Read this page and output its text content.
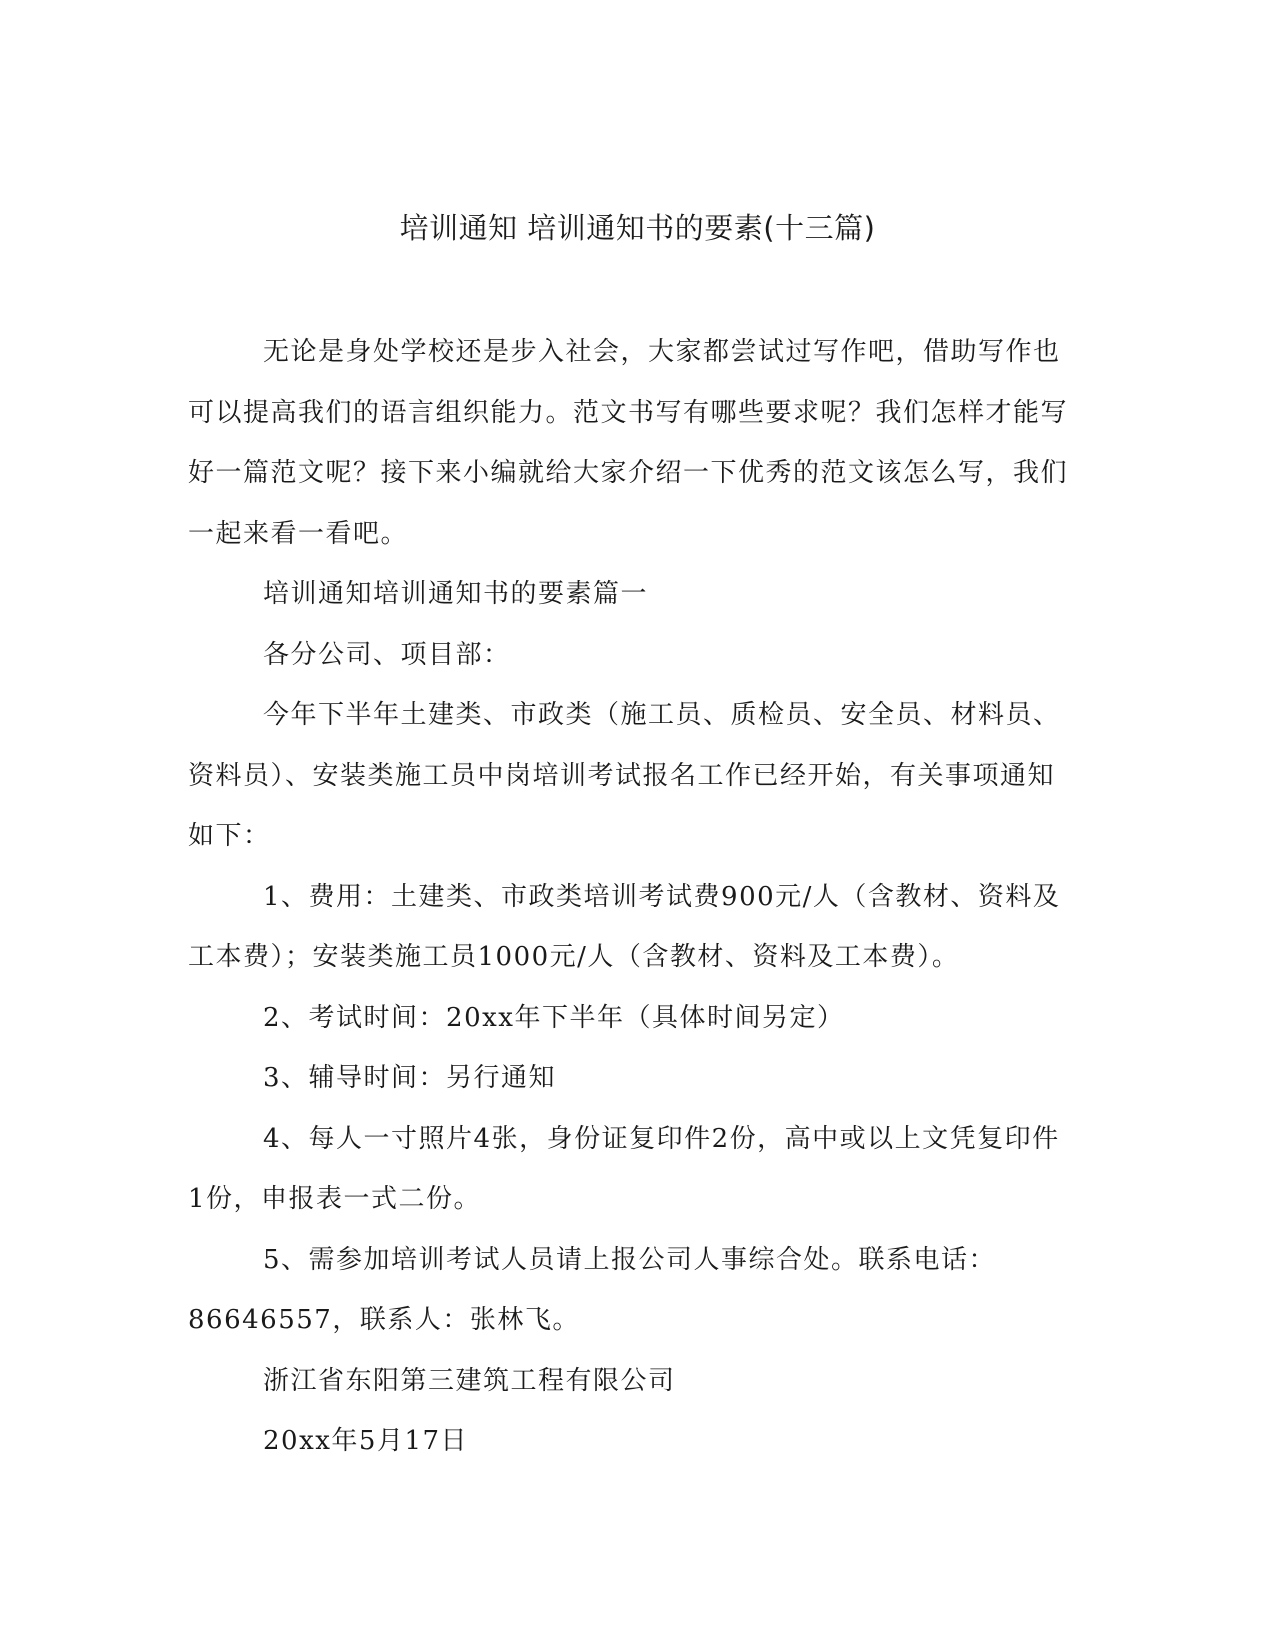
培训通知 培训通知书的要素(十三篇)

无论是身处学校还是步入社会，大家都尝试过写作吧，借助写作也可以提高我们的语言组织能力。范文书写有哪些要求呢？我们怎样才能写好一篇范文呢？接下来小编就给大家介绍一下优秀的范文该怎么写，我们一起来看一看吧。

培训通知培训通知书的要素篇一

各分公司、项目部：

今年下半年土建类、市政类（施工员、质检员、安全员、材料员、资料员）、安装类施工员中岗培训考试报名工作已经开始，有关事项通知如下：

1、费用：土建类、市政类培训考试费900元/人（含教材、资料及工本费）；安装类施工员1000元/人（含教材、资料及工本费）。

2、考试时间：20xx年下半年（具体时间另定）

3、辅导时间：另行通知

4、每人一寸照片4张，身份证复印件2份，高中或以上文凭复印件1份，申报表一式二份。

5、需参加培训考试人员请上报公司人事综合处。联系电话：86646557，联系人：张林飞。

浙江省东阳第三建筑工程有限公司

20xx年5月17日
